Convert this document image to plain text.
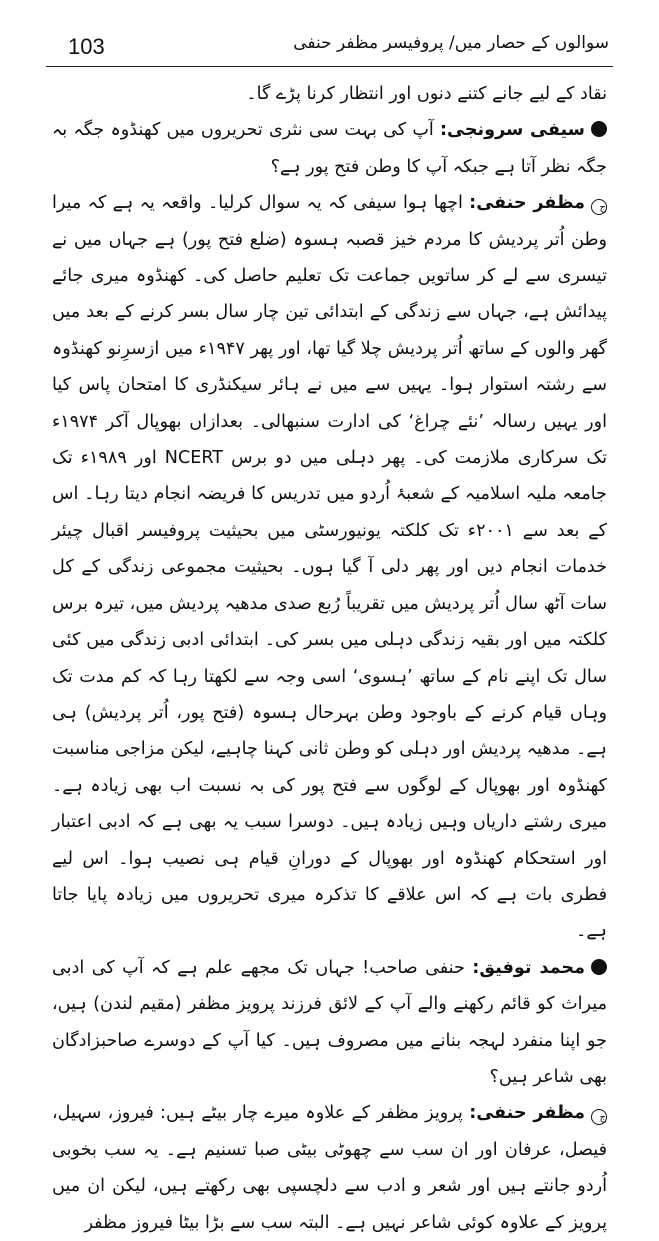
103	سوالوں کے حصار میں/ پروفیسر مظفر حنفی

نقاد کے لیے جانے کتنے دنوں اور انتظار کرنا پڑے گا۔

سیفی سرونجی: آپ کی بہت سی نثری تحریروں میں کھنڈوہ جگہ بہ جگہ نظر آتا ہے جبکہ آپ کا وطن فتح پور ہے؟

جمظفر حنفی: اچھا ہوا سیفی کہ یہ سوال کرلیا۔ واقعہ یہ ہے کہ میرا وطن اُتر پردیش کا مردم خیز قصبہ ہسوہ (ضلع فتح پور) ہے جہاں میں نے تیسری سے لے کر ساتویں جماعت تک تعلیم حاصل کی۔ کھنڈوہ میری جائے پیدائش ہے، جہاں سے زندگی کے ابتدائی تین چار سال بسر کرنے کے بعد میں گھر والوں کے ساتھ اُتر پردیش چلا گیا تھا، اور پھر ۱۹۴۷ء میں ازسرِنو کھنڈوہ سے رشتہ استوار ہوا۔ یہیں سے میں نے ہائر سیکنڈری کا امتحان پاس کیا اور یہیں رسالہ ’نئے چراغ‘ کی ادارت سنبھالی۔ بعدازاں بھوپال آکر ۱۹۷۴ء تک سرکاری ملازمت کی۔ پھر دہلی میں دو برس NCERT اور ۱۹۸۹ء تک جامعہ ملیہ اسلامیہ کے شعبۂ اُردو میں تدریس کا فریضہ انجام دیتا رہا۔ اس کے بعد سے ۲۰۰۱ء تک کلکتہ یونیورسٹی میں بحیثیت پروفیسر اقبال چیئر خدمات انجام دیں اور پھر دلی آ گیا ہوں۔ بحیثیت مجموعی زندگی کے کل سات آٹھ سال اُتر پردیش میں تقریباً رُبع صدی مدھیہ پردیش میں، تیرہ برس کلکتہ میں اور بقیہ زندگی دہلی میں بسر کی۔ ابتدائی ادبی زندگی میں کئی سال تک اپنے نام کے ساتھ ’ہسوی‘ اسی وجہ سے لکھتا رہا کہ کم مدت تک وہاں قیام کرنے کے باوجود وطن بہرحال ہسوہ (فتح پور، اُتر پردیش) ہی ہے۔ مدھیہ پردیش اور دہلی کو وطن ثانی کہنا چاہیے، لیکن مزاجی مناسبت کھنڈوہ اور بھوپال کے لوگوں سے فتح پور کی بہ نسبت اب بھی زیادہ ہے۔ میری رشتے داریاں وہیں زیادہ ہیں۔ دوسرا سبب یہ بھی ہے کہ ادبی اعتبار اور استحکام کھنڈوہ اور بھوپال کے دورانِ قیام ہی نصیب ہوا۔ اس لیے فطری بات ہے کہ اس علاقے کا تذکرہ میری تحریروں میں زیادہ پایا جاتا ہے۔

محمد توفیق: حنفی صاحب! جہاں تک مجھے علم ہے کہ آپ کی ادبی میراث کو قائم رکھنے والے آپ کے لائق فرزند پرویز مظفر (مقیم لندن) ہیں، جو اپنا منفرد لہجہ بنانے میں مصروف ہیں۔ کیا آپ کے دوسرے صاحبزادگان بھی شاعر ہیں؟

جمظفر حنفی: پرویز مظفر کے علاوہ میرے چار بیٹے ہیں: فیروز، سہیل، فیصل، عرفان اور ان سب سے چھوٹی بیٹی صبا تسنیم ہے۔ یہ سب بخوبی اُردو جانتے ہیں اور شعر و ادب سے دلچسپی بھی رکھتے ہیں، لیکن ان میں پرویز کے علاوہ کوئی شاعر نہیں ہے۔ البتہ سب سے بڑا بیٹا فیروز مظفر
